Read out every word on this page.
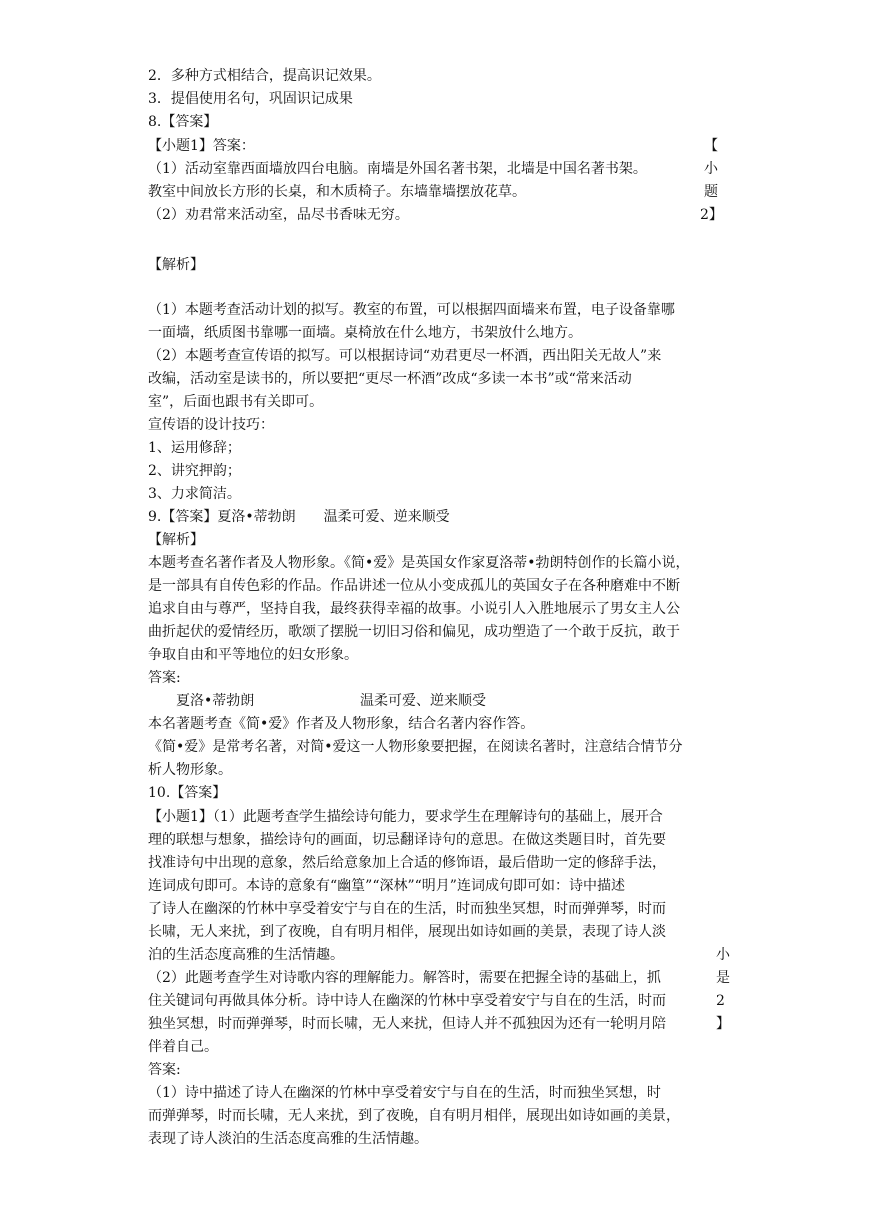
2．多种方式相结合，提高识记效果。
3．提倡使用名句，巩固识记成果
8.【答案】
【小题1】答案：
（1）活动室靠西面墙放四台电脑。南墙是外国名著书架，北墙是中国名著书架。
教室中间放长方形的长桌，和木质椅子。东墙靠墙摆放花草。
（2）劝君常来活动室，品尽书香味无穷。
【
小
题
2】
【解析】
（1）本题考查活动计划的拟写。教室的布置，可以根据四面墙来布置，电子设备靠哪
一面墙，纸质图书靠哪一面墙。桌椅放在什么地方，书架放什么地方。
（2）本题考查宣传语的拟写。可以根据诗词“劝君更尽一杯酒，西出阳关无故人”来
改编，活动室是读书的，所以要把“更尽一杯酒”改成“多读一本书”或“常来活动
室”，后面也跟书有关即可。
宣传语的设计技巧：
1、运用修辞；
2、讲究押韵；
3、力求简洁。
9.【答案】夏洛•蒂勃朗　　温柔可爱、逆来顺受
【解析】
本题考查名著作者及人物形象。《简•爱》是英国女作家夏洛蒂•勃朗特创作的长篇小说，
是一部具有自传色彩的作品。作品讲述一位从小变成孤儿的英国女子在各种磨难中不断
追求自由与尊严，坚持自我，最终获得幸福的故事。小说引人入胜地展示了男女主人公
曲折起伏的爱情经历，歌颂了摆脱一切旧习俗和偏见，成功塑造了一个敢于反抗，敢于
争取自由和平等地位的妇女形象。
答案:
夏洛•蒂勃朗	温柔可爱、逆来顺受
本名著题考查《简•爱》作者及人物形象，结合名著内容作答。
《简•爱》是常考名著，对简•爱这一人物形象要把握，在阅读名著时，注意结合情节分
析人物形象。
10.【答案】
【小题1】（1）此题考查学生描绘诗句能力，要求学生在理解诗句的基础上，展开合
理的联想与想象，描绘诗句的画面，切忌翻译诗句的意思。在做这类题目时，首先要
找准诗句中出现的意象，然后给意象加上合适的修饰语，最后借助一定的修辞手法，
连词成句即可。本诗的意象有“幽篁”“深林”“明月”连词成句即可如：诗中描述
了诗人在幽深的竹林中享受着安宁与自在的生活，时而独坐冥想，时而弹弹琴，时而
长啸，无人来扰，到了夜晚，自有明月相伴，展现出如诗如画的美景，表现了诗人淡
泊的生活态度高雅的生活情趣。
（2）此题考查学生对诗歌内容的理解能力。解答时，需要在把握全诗的基础上，抓
住关键词句再做具体分析。诗中诗人在幽深的竹林中享受着安宁与自在的生活，时而
独坐冥想，时而弹弹琴，时而长啸，无人来扰，但诗人并不孤独因为还有一轮明月陪
伴着自己。
小
是
2
】
答案:
（1）诗中描述了诗人在幽深的竹林中享受着安宁与自在的生活，时而独坐冥想，时
而弹弹琴，时而长啸，无人来扰，到了夜晚，自有明月相伴，展现出如诗如画的美景，
表现了诗人淡泊的生活态度高雅的生活情趣。
